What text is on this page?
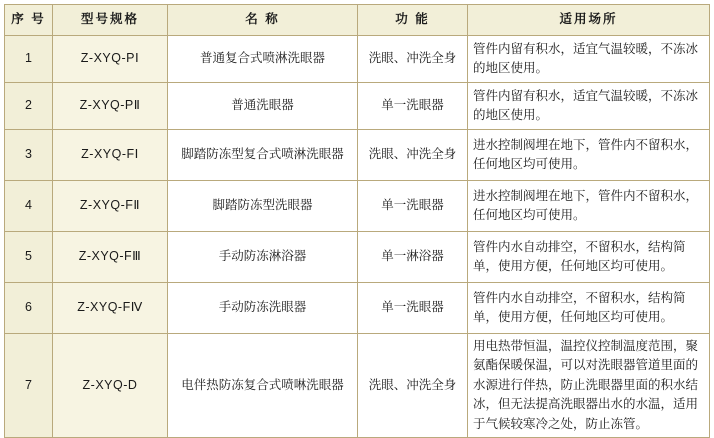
序 号	型号规格	名 称	功 能	适用场所
1	Z-XYQ-PⅠ	普通复合式喷淋洗眼器	洗眼、冲洗全身	管件内留有积水，适宜气温较暖，不冻冰的地区使用。
2	Z-XYQ-PⅡ	普通洗眼器	单一洗眼器	管件内留有积水，适宜气温较暖，不冻冰的地区使用。
3	Z-XYQ-FⅠ	脚踏防冻型复合式喷淋洗眼器	洗眼、冲洗全身	进水控制阀埋在地下，管件内不留积水，任何地区均可使用。
4	Z-XYQ-FⅡ	脚踏防冻型洗眼器	单一洗眼器	进水控制阀埋在地下，管件内不留积水，任何地区均可使用。
5	Z-XYQ-FⅢ	手动防冻淋浴器	单一淋浴器	管件内水自动排空，不留积水，结构简单，使用方便，任何地区均可使用。
6	Z-XYQ-FⅣ	手动防冻洗眼器	单一洗眼器	管件内水自动排空，不留积水，结构简单，使用方便，任何地区均可使用。
7	Z-XYQ-D	电伴热防冻复合式喷啉洗眼器	洗眼、冲洗全身	用电热带恒温，温控仪控制温度范围，聚氨酯保暖保温，可以对洗眼器管道里面的水源进行伴热，防止洗眼器里面的积水结冰，但无法提高洗眼器出水的水温，适用于气候较寒冷之处，防止冻管。
